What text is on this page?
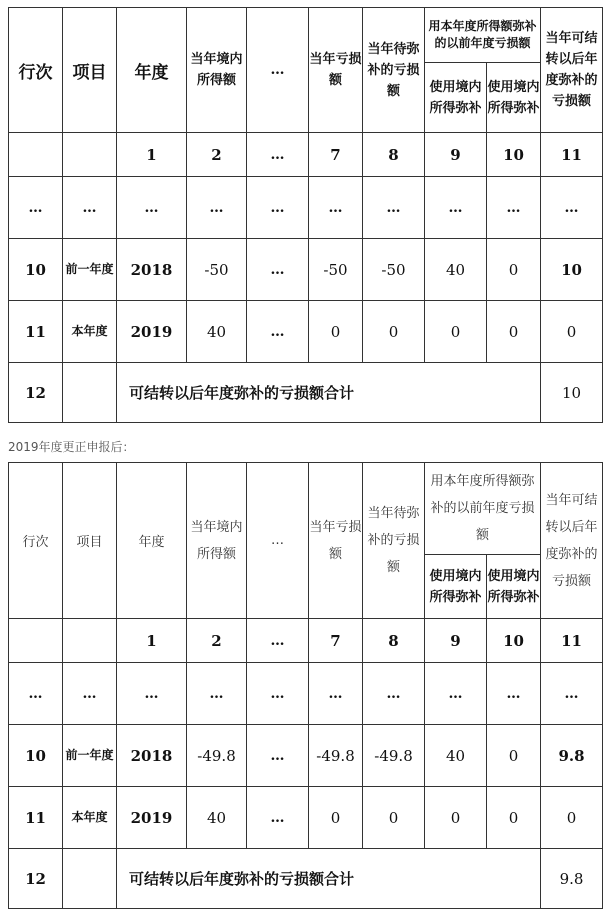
行次	项目	年度	当年境内所得额	…	当年亏损额	当年待弥补的亏损额	用本年度所得额弥补的以前年度亏损额		当年可结转以后年度弥补的亏损额
							使用境内所得弥补	使用境内所得弥补	
		1	2	…	7	8	9	10	11
…	…	…	…	…	…	…	…	…	…
10	前一年度	2018	-50	…	-50	-50	40	0	10
11	本年度	2019	40	…	0	0	0	0	0
12		可结转以后年度弥补的亏损额合计							10
2019年度更正申报后：
行次	项目	年度	当年境内所得额	…	当年亏损额	当年待弥补的亏损额	用本年度所得额弥补的以前年度亏损额		当年可结转以后年度弥补的亏损额
							使用境内所得弥补	使用境内所得弥补	
		1	2	…	7	8	9	10	11
…	…	…	…	…	…	…	…	…	…
10	前一年度	2018	-49.8	…	-49.8	-49.8	40	0	9.8
11	本年度	2019	40	…	0	0	0	0	0
12		可结转以后年度弥补的亏损额合计							9.8
